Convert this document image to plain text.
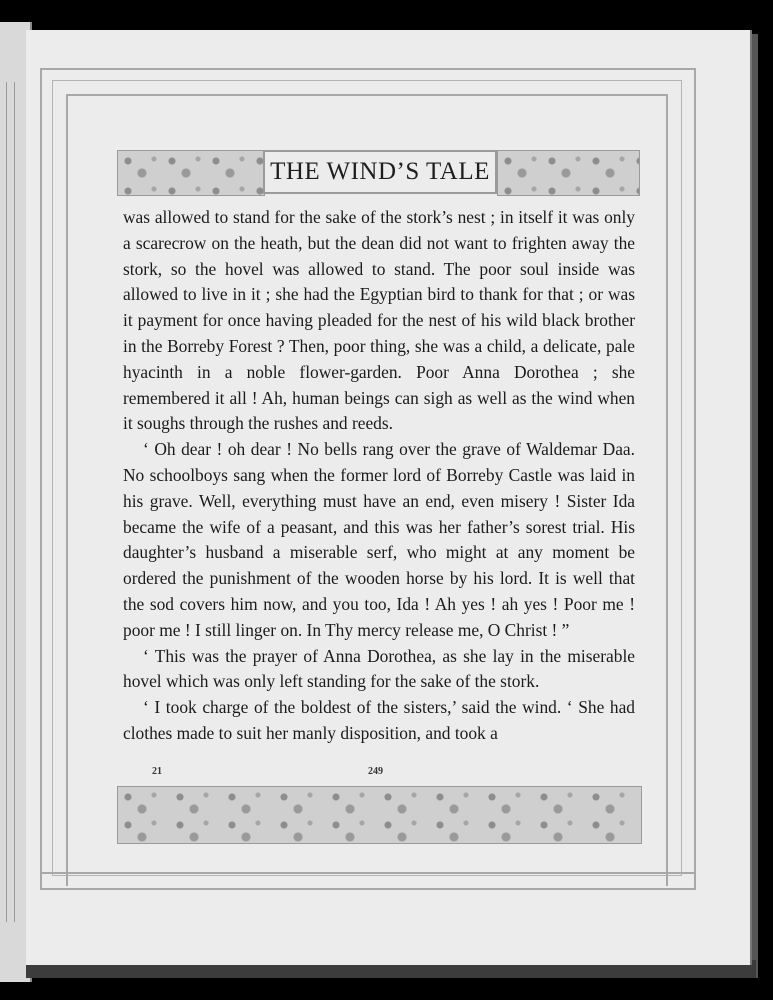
THE WIND’S TALE

was allowed to stand for the sake of the stork’s nest ; in itself it was only a scarecrow on the heath, but the dean did not want to frighten away the stork, so the hovel was allowed to stand. The poor soul inside was allowed to live in it ; she had the Egyptian bird to thank for that ; or was it payment for once having pleaded for the nest of his wild black brother in the Borreby Forest ? Then, poor thing, she was a child, a delicate, pale hyacinth in a noble flower-garden. Poor Anna Dorothea ; she remembered it all ! Ah, human beings can sigh as well as the wind when it soughs through the rushes and reeds.

‘ Oh dear ! oh dear ! No bells rang over the grave of Waldemar Daa. No schoolboys sang when the former lord of Borreby Castle was laid in his grave. Well, everything must have an end, even misery ! Sister Ida became the wife of a peasant, and this was her father’s sorest trial. His daughter’s husband a miserable serf, who might at any moment be ordered the punishment of the wooden horse by his lord. It is well that the sod covers him now, and you too, Ida ! Ah yes ! ah yes ! Poor me ! poor me ! I still linger on. In Thy mercy release me, O Christ ! ”

‘ This was the prayer of Anna Dorothea, as she lay in the miserable hovel which was only left standing for the sake of the stork.

‘ I took charge of the boldest of the sisters,’ said the wind. ‘ She had clothes made to suit her manly disposition, and took a

21	249
